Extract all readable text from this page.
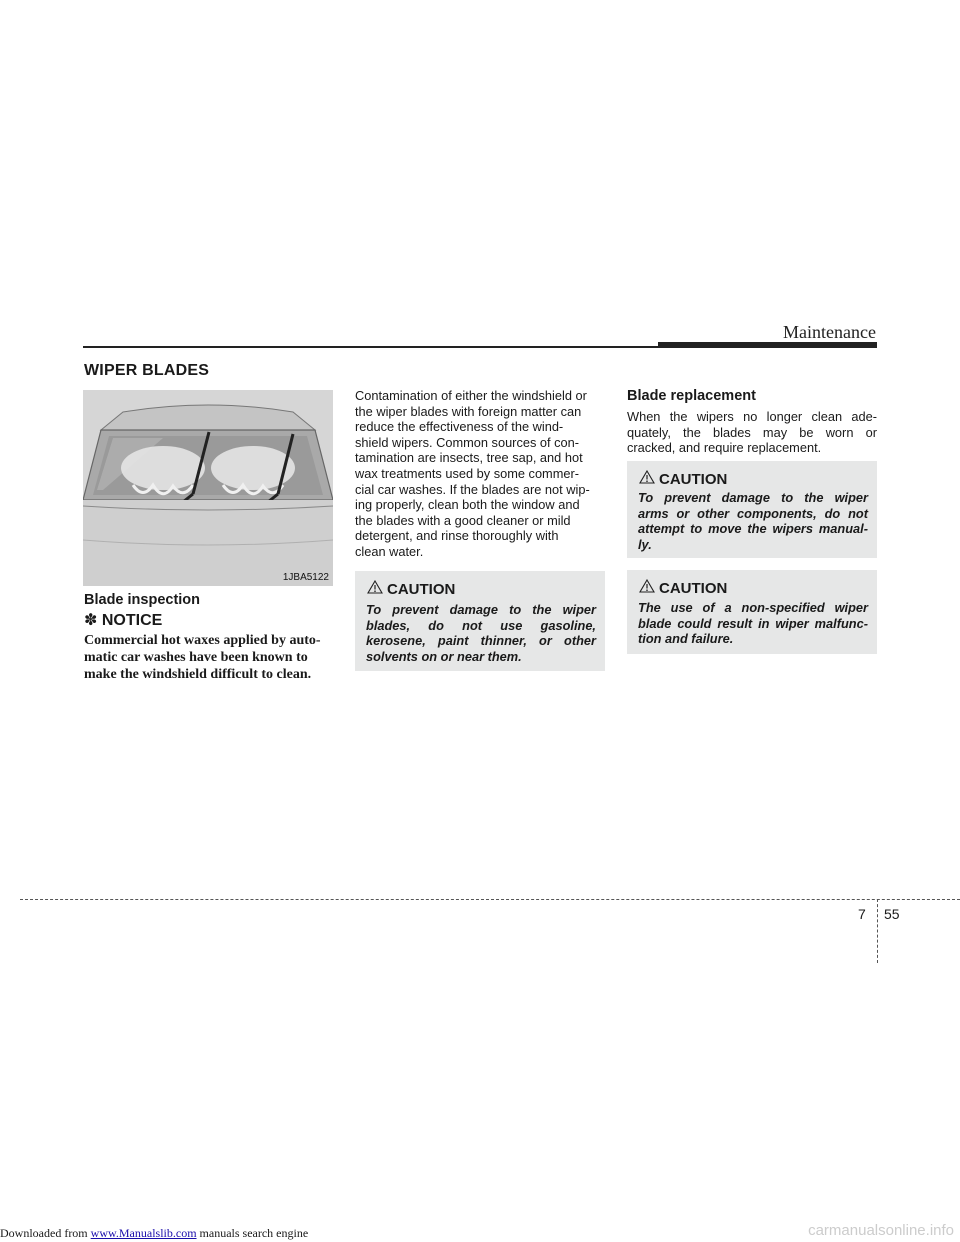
Maintenance
WIPER BLADES
1JBA5122
Blade inspection
✽ NOTICE
Commercial hot waxes applied by auto-
matic car washes have been known to
make the windshield difficult to clean.
Contamination of either the windshield or
the wiper blades with foreign matter can
reduce the effectiveness of the wind-
shield wipers. Common sources of con-
tamination are insects, tree sap, and hot
wax treatments used by some commer-
cial car washes. If the blades are not wip-
ing properly, clean both the window and
the blades with a good cleaner or mild
detergent, and rinse thoroughly with
clean water.
CAUTION
To prevent damage to the wiper
blades, do not use gasoline,
kerosene, paint thinner, or other
solvents on or near them.
Blade replacement
When the wipers no longer clean ade-
quately, the blades may be worn or
cracked, and require replacement.
CAUTION
To prevent damage to the wiper
arms or other components, do not
attempt to move the wipers manual-
ly.
CAUTION
The use of a non-specified wiper
blade could result in wiper malfunc-
tion and failure.
7 55
Downloaded from www.Manualslib.com manuals search engine	carmanualsonline.info
